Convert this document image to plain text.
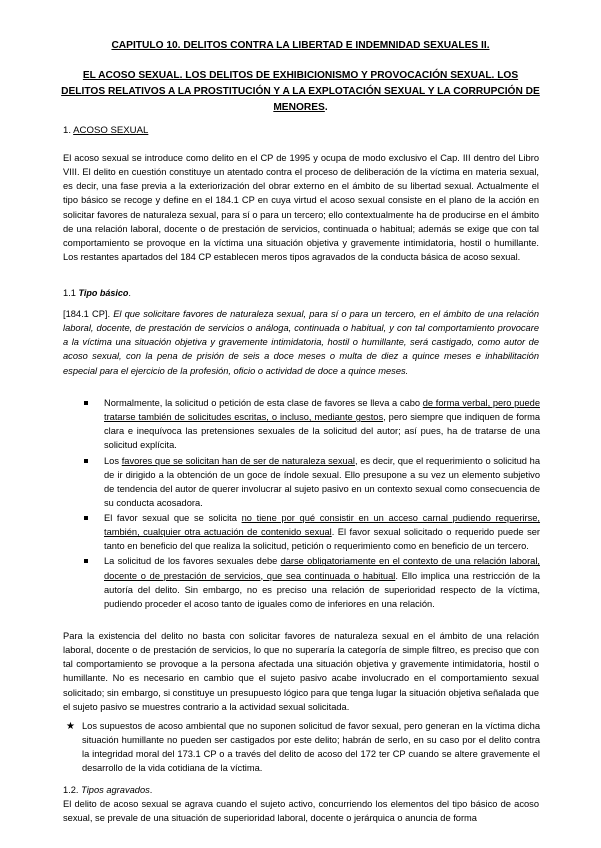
CAPITULO 10. DELITOS CONTRA LA LIBERTAD E INDEMNIDAD SEXUALES II.
EL ACOSO SEXUAL. LOS DELITOS DE EXHIBICIONISMO Y PROVOCACIÓN SEXUAL. LOS DELITOS RELATIVOS A LA PROSTITUCIÓN Y A LA EXPLOTACIÓN SEXUAL Y LA CORRUPCIÓN DE MENORES.
1. ACOSO SEXUAL
El acoso sexual se introduce como delito en el CP de 1995 y ocupa de modo exclusivo el Cap. III dentro del Libro VIII. El delito en cuestión constituye un atentado contra el proceso de deliberación de la víctima en materia sexual, es decir, una fase previa a la exteriorización del obrar externo en el ámbito de su libertad sexual. Actualmente el tipo básico se recoge y define en el 184.1 CP en cuya virtud el acoso sexual consiste en el plano de la acción en solicitar favores de naturaleza sexual, para sí o para un tercero; ello contextualmente ha de producirse en el ámbito de una relación laboral, docente o de prestación de servicios, continuada o habitual; además se exige que con tal comportamiento se provoque en la víctima una situación objetiva y gravemente intimidatoria, hostil o humillante. Los restantes apartados del 184 CP establecen meros tipos agravados de la conducta básica de acoso sexual.
1.1 Tipo básico.
[184.1 CP]. El que solicitare favores de naturaleza sexual, para sí o para un tercero, en el ámbito de una relación laboral, docente, de prestación de servicios o análoga, continuada o habitual, y con tal comportamiento provocare a la víctima una situación objetiva y gravemente intimidatoria, hostil o humillante, será castigado, como autor de acoso sexual, con la pena de prisión de seis a doce meses o multa de diez a quince meses e inhabilitación especial para el ejercicio de la profesión, oficio o actividad de doce a quince meses.
Normalmente, la solicitud o petición de esta clase de favores se lleva a cabo de forma verbal, pero puede tratarse también de solicitudes escritas, o incluso, mediante gestos, pero siempre que indiquen de forma clara e inequívoca las pretensiones sexuales de la solicitud del autor; así pues, ha de tratarse de una solicitud explícita.
Los favores que se solicitan han de ser de naturaleza sexual, es decir, que el requerimiento o solicitud ha de ir dirigido a la obtención de un goce de índole sexual. Ello presupone a su vez un elemento subjetivo de tendencia del autor de querer involucrar al sujeto pasivo en un contexto sexual como consecuencia de su conducta acosadora.
El favor sexual que se solicita no tiene por qué consistir en un acceso carnal pudiendo requerirse, también, cualquier otra actuación de contenido sexual. El favor sexual solicitado o requerido puede ser tanto en beneficio del que realiza la solicitud, petición o requerimiento como en beneficio de un tercero.
La solicitud de los favores sexuales debe darse obligatoriamente en el contexto de una relación laboral, docente o de prestación de servicios, que sea continuada o habitual. Ello implica una restricción de la autoría del delito. Sin embargo, no es preciso una relación de superioridad respecto de la víctima, pudiendo proceder el acoso tanto de iguales como de inferiores en una relación.
Para la existencia del delito no basta con solicitar favores de naturaleza sexual en el ámbito de una relación laboral, docente o de prestación de servicios, lo que no superaría la categoría de simple filtreo, es preciso que con tal comportamiento se provoque a la persona afectada una situación objetiva y gravemente intimidatoria, hostil o humillante. No es necesario en cambio que el sujeto pasivo acabe involucrado en el comportamiento sexual solicitado; sin embargo, si constituye un presupuesto lógico para que tenga lugar la situación objetiva señalada que el sujeto pasivo se muestres contrario a la actividad sexual solicitada.
★ Los supuestos de acoso ambiental que no suponen solicitud de favor sexual, pero generan en la víctima dicha situación humillante no pueden ser castigados por este delito; habrán de serlo, en su caso por el delito contra la integridad moral del 173.1 CP o a través del delito de acoso del 172 ter CP cuando se altere gravemente el desarrollo de la vida cotidiana de la víctima.
1.2. Tipos agravados.
El delito de acoso sexual se agrava cuando el sujeto activo, concurriendo los elementos del tipo básico de acoso sexual, se prevale de una situación de superioridad laboral, docente o jerárquica o anuncia de forma
